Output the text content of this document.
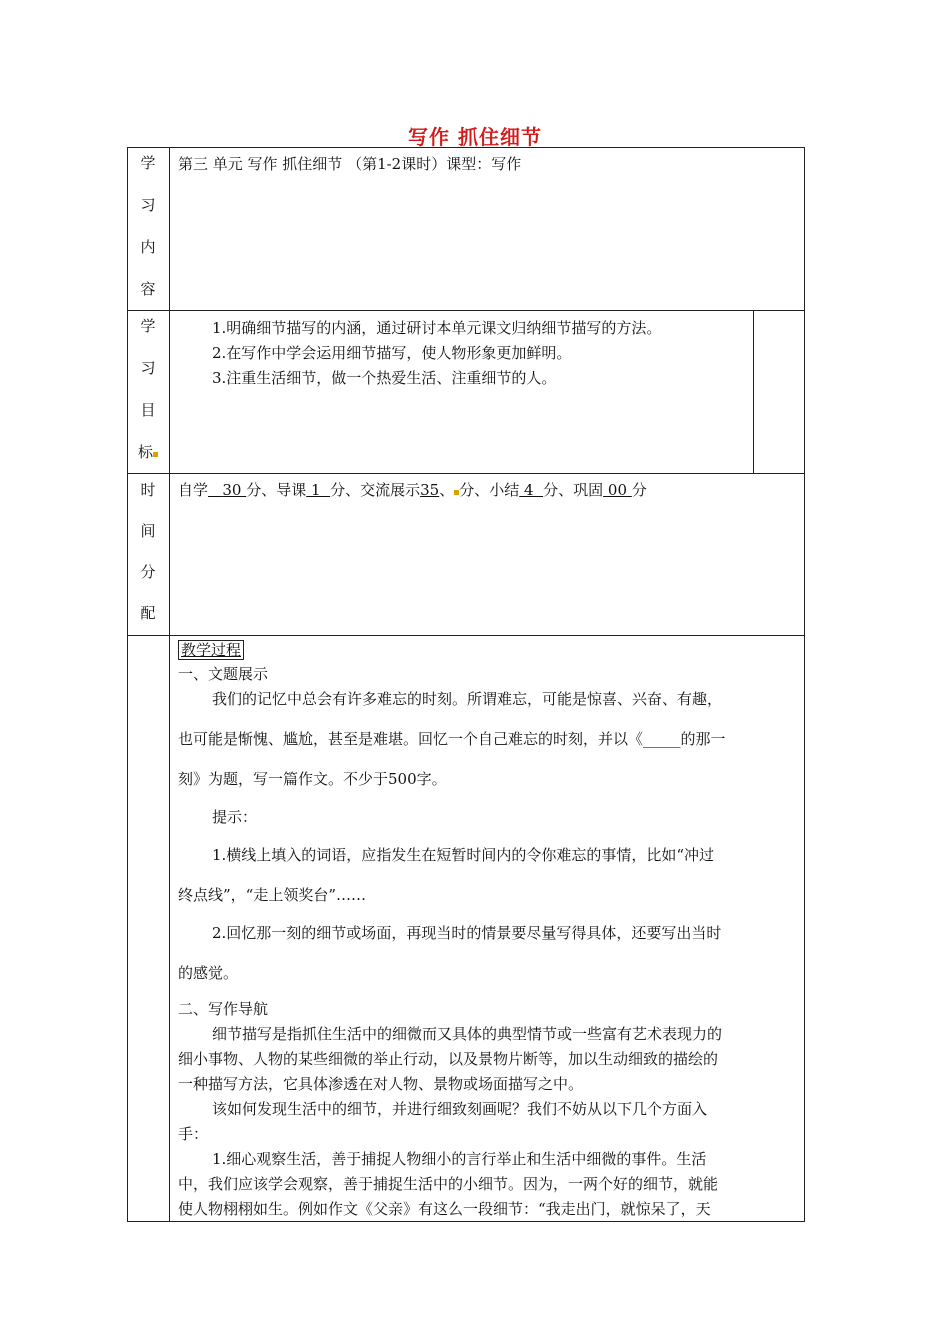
写作 抓住细节
学
习
内
容
第三 单元 写作 抓住细节 （第1-2课时）课型：写作
学
习
目
标
1.明确细节描写的内涵，通过研讨本单元课文归纳细节描写的方法。
2.在写作中学会运用细节描写，使人物形象更加鲜明。
3.注重生活细节，做一个热爱生活、注重细节的人。
时
间
分
配
自学 30 分、导课 1 分、交流展示35、 分、小结 4 分、巩固 00 分
教学过程
一、文题展示
我们的记忆中总会有许多难忘的时刻。所谓难忘，可能是惊喜、兴奋、有趣，
也可能是惭愧、尴尬，甚至是难堪。回忆一个自己难忘的时刻，并以《_____的那一
刻》为题，写一篇作文。不少于500字。
提示：
1.横线上填入的词语，应指发生在短暂时间内的令你难忘的事情，比如“冲过
终点线”，“走上领奖台”……
2.回忆那一刻的细节或场面，再现当时的情景要尽量写得具体，还要写出当时
的感觉。
二、写作导航
细节描写是指抓住生活中的细微而又具体的典型情节或一些富有艺术表现力的
细小事物、人物的某些细微的举止行动，以及景物片断等，加以生动细致的描绘的
一种描写方法，它具体渗透在对人物、景物或场面描写之中。
该如何发现生活中的细节，并进行细致刻画呢？我们不妨从以下几个方面入
手：
1.细心观察生活，善于捕捉人物细小的言行举止和生活中细微的事件。生活
中，我们应该学会观察，善于捕捉生活中的小细节。因为，一两个好的细节，就能
使人物栩栩如生。例如作文《父亲》有这么一段细节：“我走出门，就惊呆了，天
